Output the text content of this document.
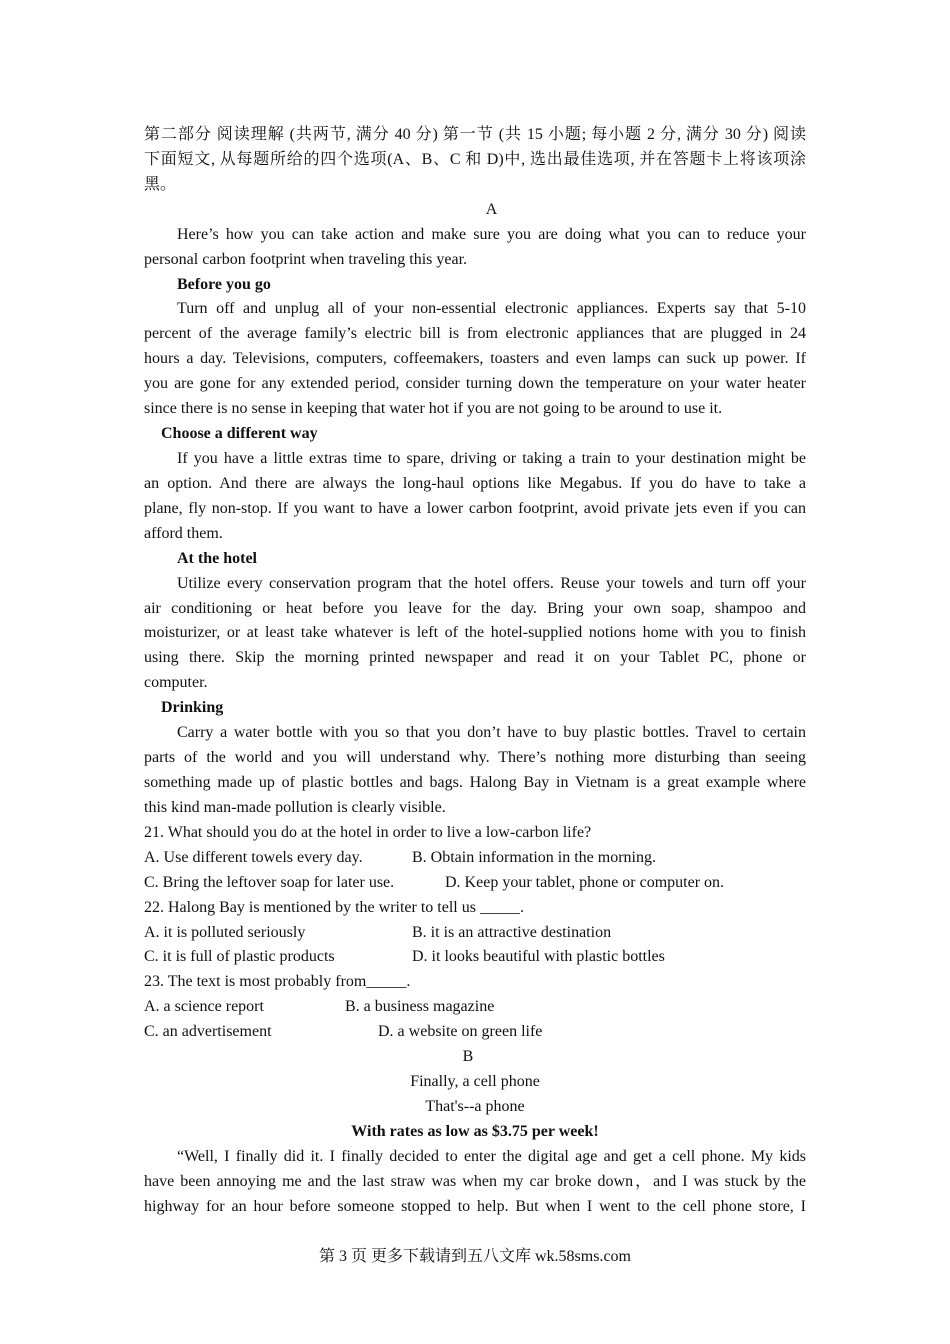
第二部分 阅读理解 (共两节, 满分 40 分) 第一节 (共 15 小题; 每小题 2 分, 满分 30 分) 阅读
下面短文, 从每题所给的四个选项(A、B、C 和 D)中, 选出最佳选项, 并在答题卡上将该项涂
黑。
A
Here’s how you can take action and make sure you are doing what you can to reduce your
personal carbon footprint when traveling this year.
Before you go
Turn off and unplug all of your non-essential electronic appliances. Experts say that 5-10
percent of the average family’s electric bill is from electronic appliances that are plugged in 24
hours a day. Televisions, computers, coffeemakers, toasters and even lamps can suck up power. If
you are gone for any extended period, consider turning down the temperature on your water heater
since there is no sense in keeping that water hot if you are not going to be around to use it.
Choose a different way
If you have a little extras time to spare, driving or taking a train to your destination might be
an option. And there are always the long-haul options like Megabus. If you do have to take a
plane, fly non-stop. If you want to have a lower carbon footprint, avoid private jets even if you can
afford them.
At the hotel
Utilize every conservation program that the hotel offers. Reuse your towels and turn off your
air conditioning or heat before you leave for the day. Bring your own soap, shampoo and
moisturizer, or at least take whatever is left of the hotel-supplied notions home with you to finish
using there. Skip the morning printed newspaper and read it on your Tablet PC, phone or
computer.
Drinking
Carry a water bottle with you so that you don’t have to buy plastic bottles. Travel to certain
parts of the world and you will understand why. There’s nothing more disturbing than seeing
something made up of plastic bottles and bags. Halong Bay in Vietnam is a great example where
this kind man-made pollution is clearly visible.
21. What should you do at the hotel in order to live a low-carbon life?
A. Use different towels every day.	B. Obtain information in the morning.
C. Bring the leftover soap for later use.	D. Keep your tablet, phone or computer on.
22. Halong Bay is mentioned by the writer to tell us _____.
A. it is polluted seriously	B. it is an attractive destination
C. it is full of plastic products	D. it looks beautiful with plastic bottles
23. The text is most probably from_____.
A. a science report	B. a business magazine
C. an advertisement	D. a website on green life
B
Finally, a cell phone
That's--a phone
With rates as low as $3.75 per week!
“Well, I finally did it. I finally decided to enter the digital age and get a cell phone. My kids
have been annoying me and the last straw was when my car broke down，and I was stuck by the
highway for an hour before someone stopped to help. But when I went to the cell phone store, I
第 3 页 更多下载请到五八文库 wk.58sms.com
